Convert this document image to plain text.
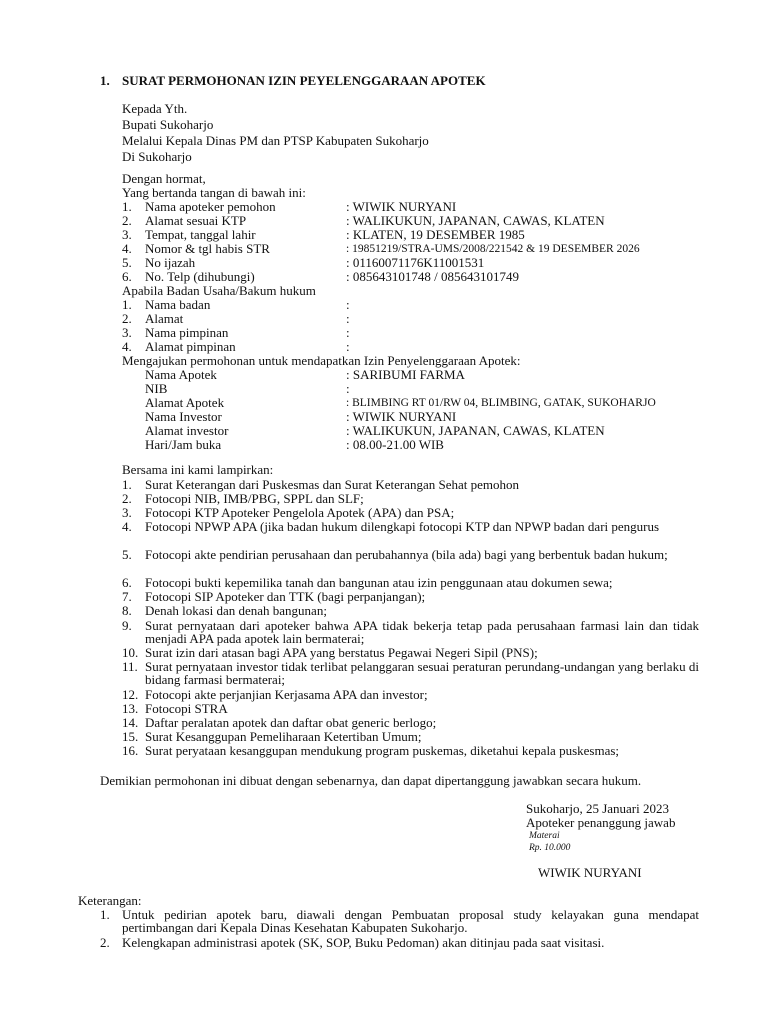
1. SURAT PERMOHONAN IZIN PEYELENGGARAAN APOTEK
Kepada Yth.
Bupati Sukoharjo
Melalui Kepala Dinas PM dan PTSP Kabupaten Sukoharjo
Di Sukoharjo
Dengan hormat,
Yang bertanda tangan di bawah ini:
1. Nama apoteker pemohon	: WIWIK NURYANI
2. Alamat sesuai KTP	: WALIKUKUN, JAPANAN, CAWAS, KLATEN
3. Tempat, tanggal lahir	: KLATEN, 19 DESEMBER 1985
4. Nomor & tgl habis STR	: 19851219/STRA-UMS/2008/221542 & 19 DESEMBER 2026
5. No ijazah	: 01160071176K11001531
6. No. Telp (dihubungi)	: 085643101748 / 085643101749
Apabila Badan Usaha/Bakum hukum
1. Nama badan	:
2. Alamat	:
3. Nama pimpinan	:
4. Alamat pimpinan	:
Mengajukan permohonan untuk mendapatkan Izin Penyelenggaraan Apotek:
Nama Apotek	: SARIBUMI FARMA
NIB	:
Alamat Apotek	: BLIMBING RT 01/RW 04, BLIMBING, GATAK, SUKOHARJO
Nama Investor	: WIWIK NURYANI
Alamat investor	: WALIKUKUN, JAPANAN, CAWAS, KLATEN
Hari/Jam buka	: 08.00-21.00 WIB
Bersama ini kami lampirkan:
1. Surat Keterangan dari Puskesmas dan Surat Keterangan Sehat pemohon
2. Fotocopi NIB, IMB/PBG, SPPL dan SLF;
3. Fotocopi KTP Apoteker Pengelola Apotek (APA) dan PSA;
4. Fotocopi NPWP APA (jika badan hukum dilengkapi fotocopi KTP dan NPWP badan dari pengurus
5. Fotocopi akte pendirian perusahaan dan perubahannya (bila ada) bagi yang berbentuk badan hukum;
6. Fotocopi bukti kepemilika tanah dan bangunan atau izin penggunaan atau dokumen sewa;
7. Fotocopi SIP Apoteker dan TTK (bagi perpanjangan);
8. Denah lokasi dan denah bangunan;
9. Surat pernyataan dari apoteker bahwa APA tidak bekerja tetap pada perusahaan farmasi lain dan tidak menjadi APA pada apotek lain bermaterai;
10. Surat izin dari atasan bagi APA yang berstatus Pegawai Negeri Sipil (PNS);
11. Surat pernyataan investor tidak terlibat pelanggaran sesuai peraturan perundang-undangan yang berlaku di bidang farmasi bermaterai;
12. Fotocopi akte perjanjian Kerjasama APA dan investor;
13. Fotocopi STRA
14. Daftar peralatan apotek dan daftar obat generic berlogo;
15. Surat Kesanggupan Pemeliharaan Ketertiban Umum;
16. Surat peryataan kesanggupan mendukung program puskemas, diketahui kepala puskesmas;
Demikian permohonan ini dibuat dengan sebenarnya, dan dapat dipertanggung jawabkan secara hukum.
Sukoharjo, 25 Januari 2023
Apoteker penanggung jawab
Materai
Rp. 10.000
WIWIK NURYANI
Keterangan:
1. Untuk pedirian apotek baru, diawali dengan Pembuatan proposal study kelayakan guna mendapat pertimbangan dari Kepala Dinas Kesehatan Kabupaten Sukoharjo.
2. Kelengkapan administrasi apotek (SK, SOP, Buku Pedoman) akan ditinjau pada saat visitasi.
